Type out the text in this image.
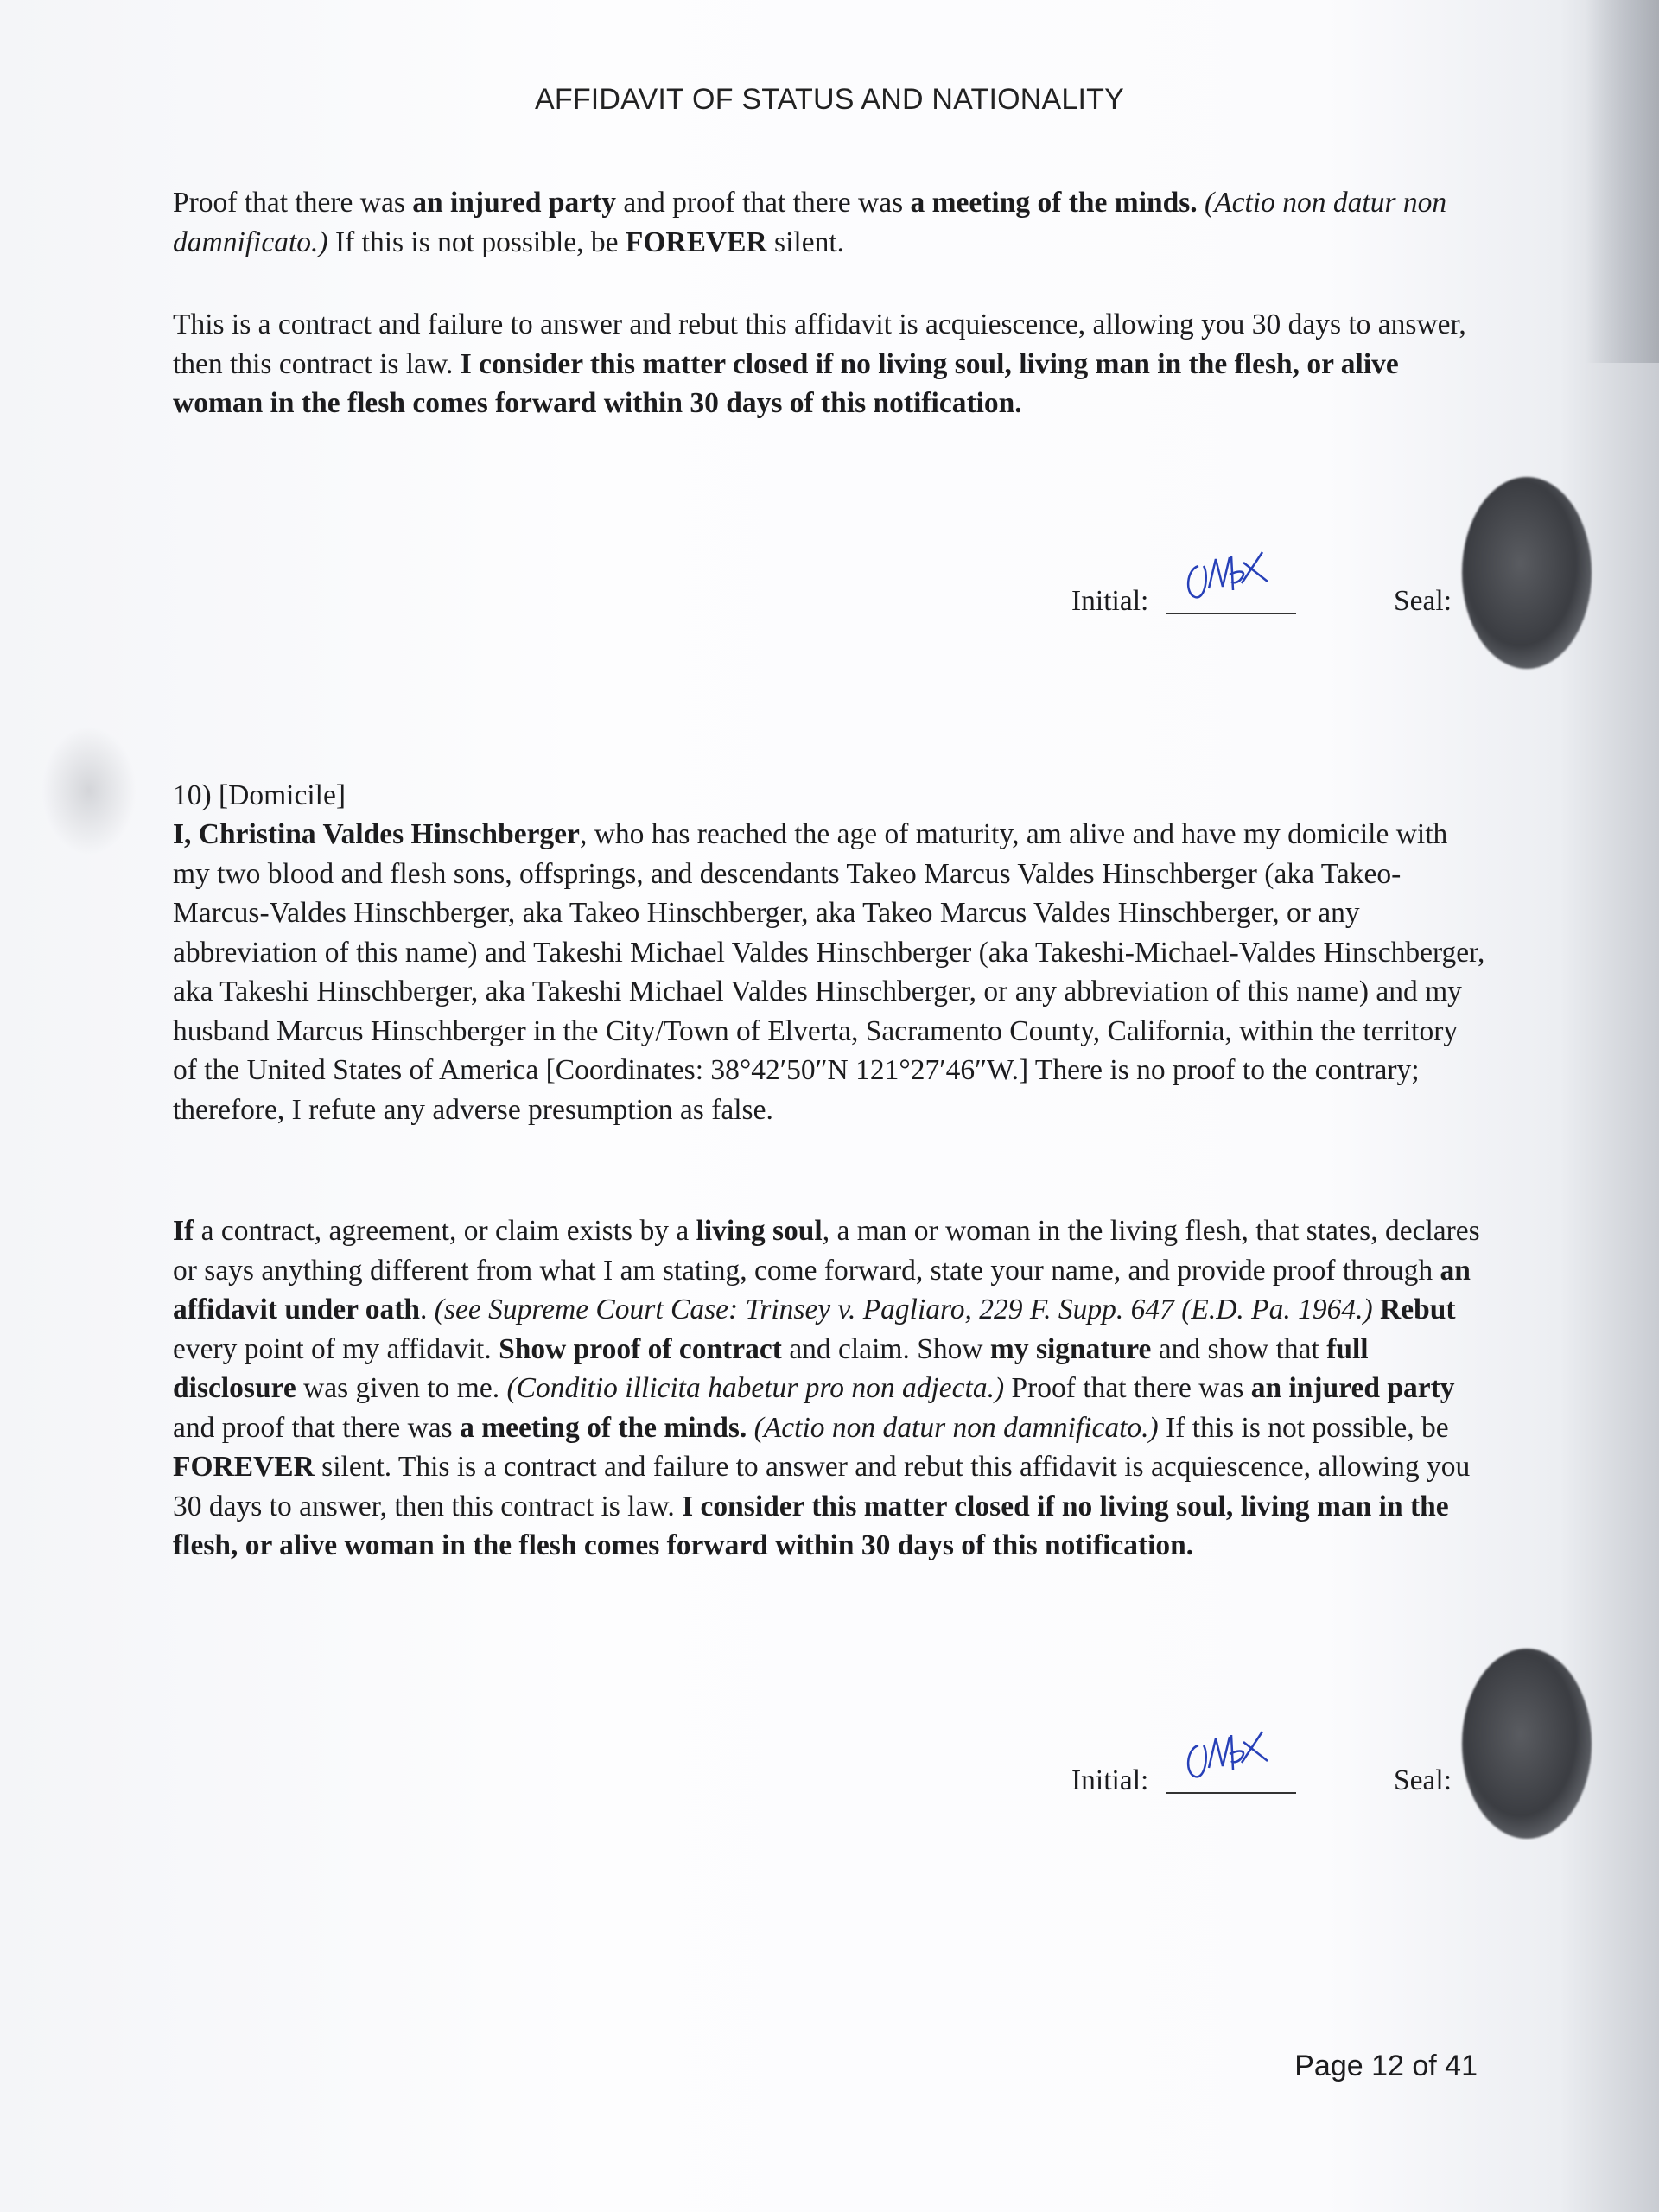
AFFIDAVIT OF STATUS AND NATIONALITY

Proof that there was an injured party and proof that there was a meeting of the minds. (Actio non datur non damnificato.) If this is not possible, be FOREVER silent.

This is a contract and failure to answer and rebut this affidavit is acquiescence, allowing you 30 days to answer, then this contract is law. I consider this matter closed if no living soul, living man in the flesh, or alive woman in the flesh comes forward within 30 days of this notification.

Initial:	Seal:

10) [Domicile]

I, Christina Valdes Hinschberger, who has reached the age of maturity, am alive and have my domicile with my two blood and flesh sons, offsprings, and descendants Takeo Marcus Valdes Hinschberger (aka Takeo-Marcus-Valdes Hinschberger, aka Takeo Hinschberger, aka Takeo Marcus Valdes Hinschberger, or any abbreviation of this name) and Takeshi Michael Valdes Hinschberger (aka Takeshi-Michael-Valdes Hinschberger, aka Takeshi Hinschberger, aka Takeshi Michael Valdes Hinschberger, or any abbreviation of this name) and my husband Marcus Hinschberger in the City/Town of Elverta, Sacramento County, California, within the territory of the United States of America [Coordinates: 38°42′50″N 121°27′46″W.] There is no proof to the contrary; therefore, I refute any adverse presumption as false.

If a contract, agreement, or claim exists by a living soul, a man or woman in the living flesh, that states, declares or says anything different from what I am stating, come forward, state your name, and provide proof through an affidavit under oath. (see Supreme Court Case: Trinsey v. Pagliaro, 229 F. Supp. 647 (E.D. Pa. 1964.) Rebut every point of my affidavit. Show proof of contract and claim. Show my signature and show that full disclosure was given to me. (Conditio illicita habetur pro non adjecta.) Proof that there was an injured party and proof that there was a meeting of the minds. (Actio non datur non damnificato.) If this is not possible, be FOREVER silent. This is a contract and failure to answer and rebut this affidavit is acquiescence, allowing you 30 days to answer, then this contract is law. I consider this matter closed if no living soul, living man in the flesh, or alive woman in the flesh comes forward within 30 days of this notification.

Initial:	Seal:
Page 12 of 41
